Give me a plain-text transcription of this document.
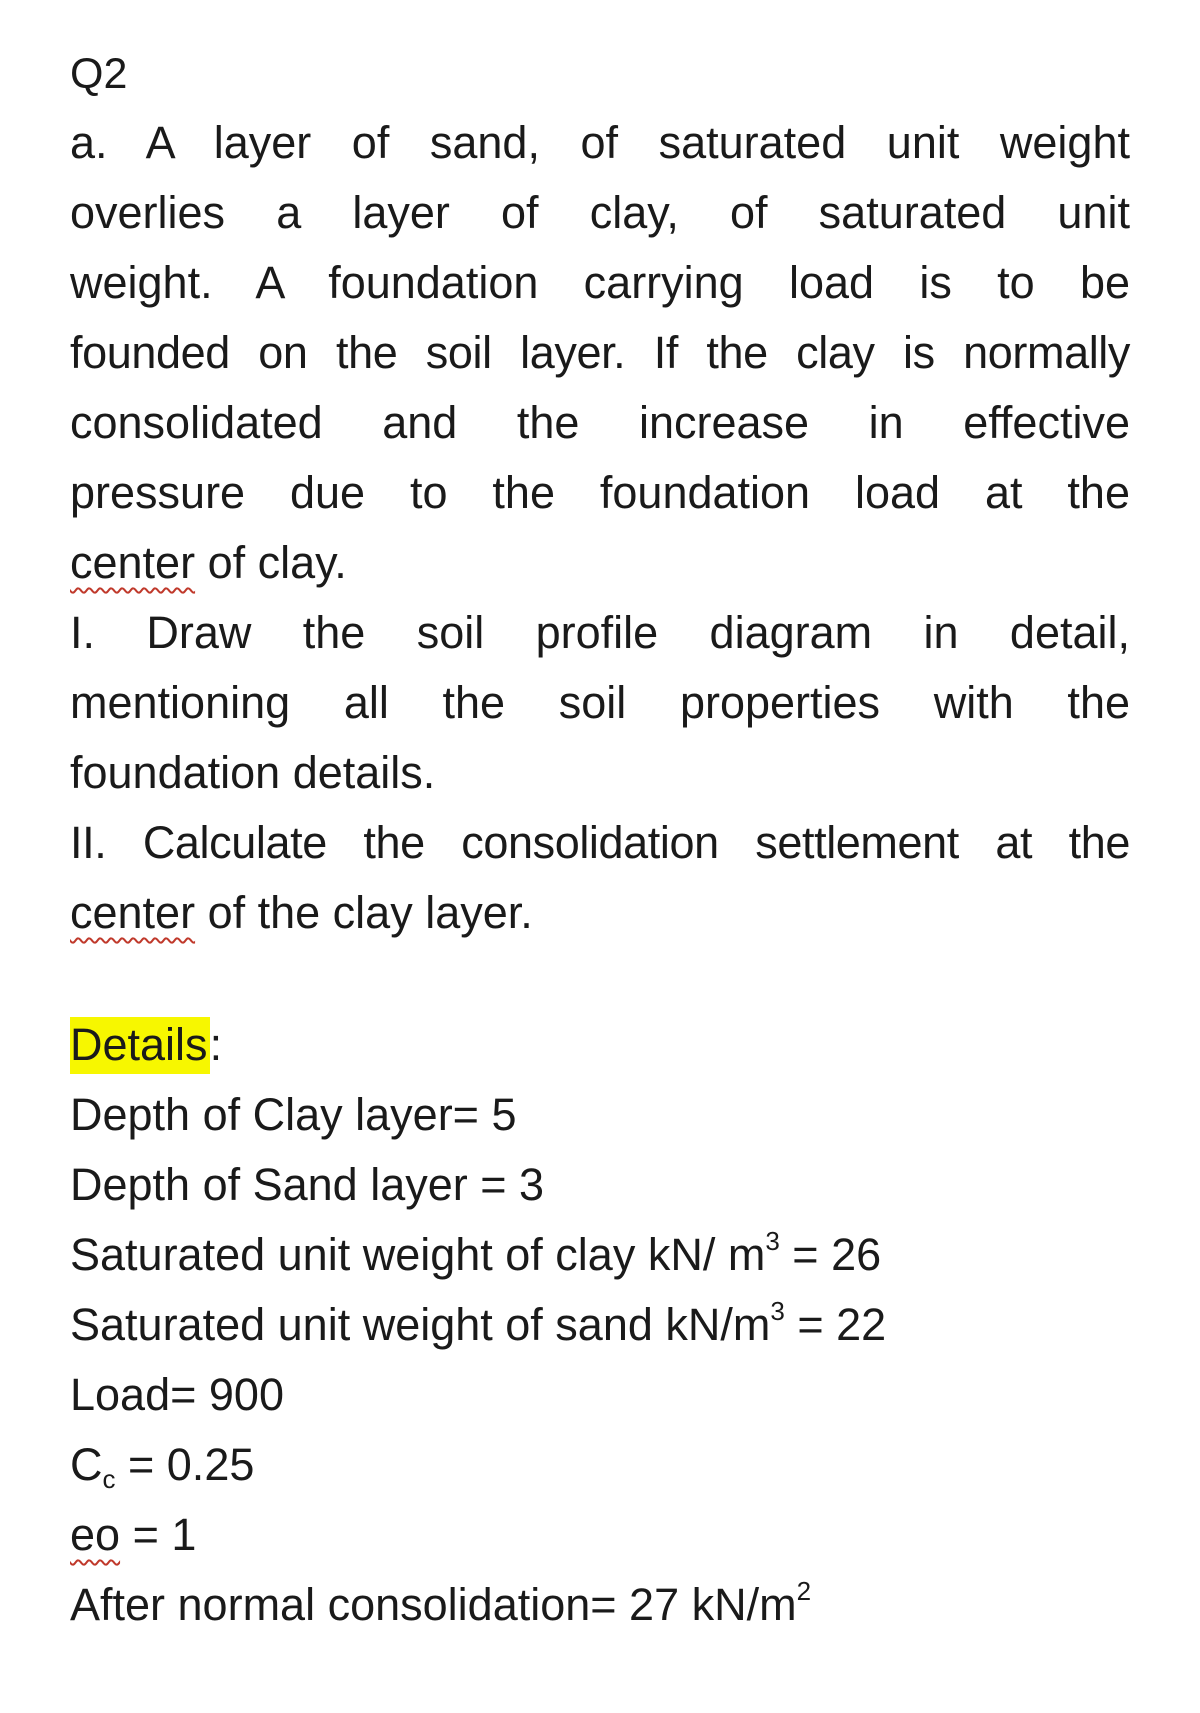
Q2
a. A layer of sand, of saturated unit weight
overlies a layer of clay, of saturated unit
weight. A foundation carrying load is to be
founded on the soil layer. If the clay is normally
consolidated and the increase in effective
pressure due to the foundation load at the
center of clay.
I. Draw the soil profile diagram in detail,
mentioning all the soil properties with the
foundation details.
II. Calculate the consolidation settlement at the
center of the clay layer.
Details:
Depth of Clay layer= 5
Depth of Sand layer = 3
Saturated unit weight of clay kN/ $m^3 = 26$
Saturated unit weight of sand $kN/m^3 = 22$
Load= 900
$C_c = 0.25$
eo = 1
After normal consolidation= 27 $kN/m^2$
